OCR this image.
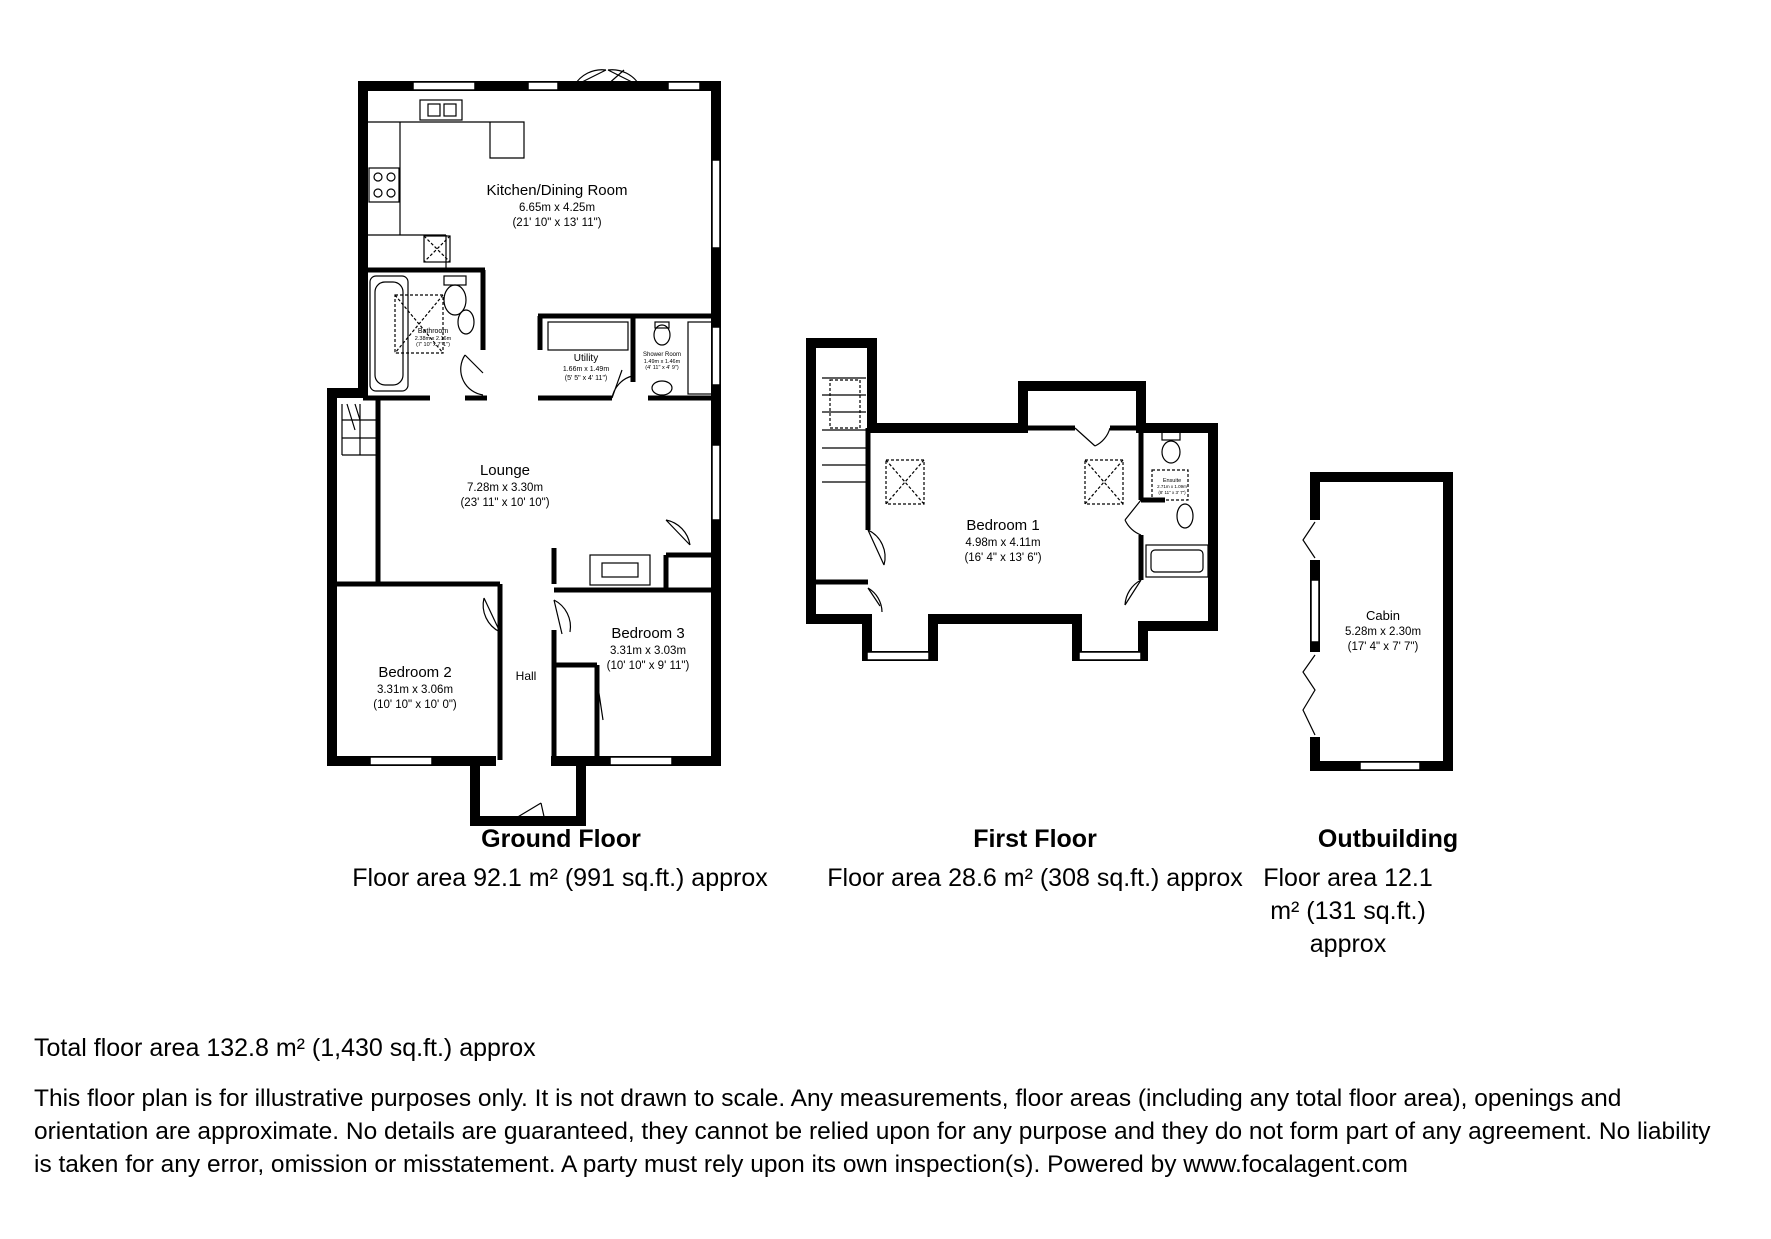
Kitchen/Dining Room
6.65m x 4.25m
(21' 10" x 13' 11")
Bathroom
2.38m x 2.16m
(7' 10" x 7' 1")
Utility
1.66m x 1.49m
(5' 5" x 4' 11")
Shower Room
1.49m x 1.46m
(4' 11" x 4' 9")
Lounge
7.28m x 3.30m
(23' 11" x 10' 10")
Bedroom 2
3.31m x 3.06m
(10' 10" x 10' 0")
Bedroom 3
3.31m x 3.03m
(10' 10" x 9' 11")
Hall
Bedroom 1
4.98m x 4.11m
(16' 4" x 13' 6")
Ensuite
2.71m x 1.09m
(8' 11" x 3' 7")
Cabin
5.28m x 2.30m
(17' 4" x 7' 7")
Ground Floor
Floor area 92.1 m² (991 sq.ft.) approx
First Floor
Floor area 28.6 m² (308 sq.ft.) approx
Outbuilding
Floor area 12.1 m² (131 sq.ft.) approx
Total floor area 132.8 m² (1,430 sq.ft.) approx
This floor plan is for illustrative purposes only. It is not drawn to scale. Any measurements, floor areas (including any total floor area), openings and orientation are approximate. No details are guaranteed, they cannot be relied upon for any purpose and they do not form part of any agreement. No liability is taken for any error, omission or misstatement. A party must rely upon its own inspection(s). Powered by www.focalagent.com
